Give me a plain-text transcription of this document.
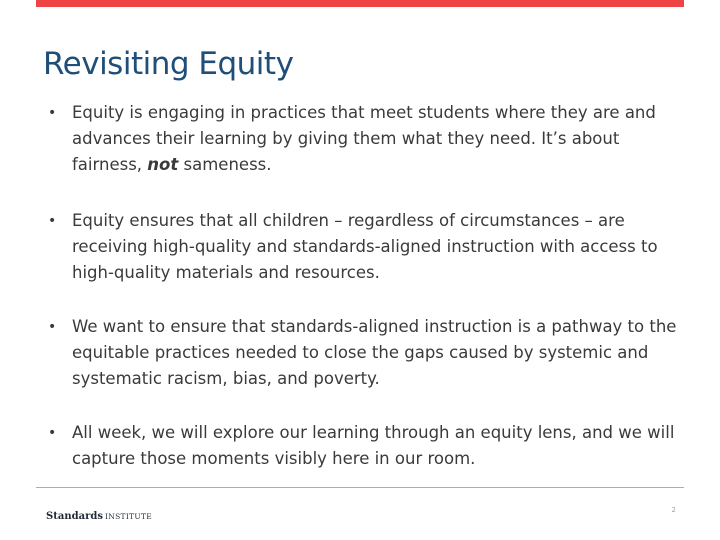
Revisiting Equity
• Equity is engaging in practices that meet students where they are and advances their learning by giving them what they need. It’s about fairness, not sameness.
• Equity ensures that all children – regardless of circumstances – are receiving high-quality and standards-aligned instruction with access to high-quality materials and resources.
• We want to ensure that standards-aligned instruction is a pathway to the equitable practices needed to close the gaps caused by systemic and systematic racism, bias, and poverty.
• All week, we will explore our learning through an equity lens, and we will capture those moments visibly here in our room.
Standards INSTITUTE
2
